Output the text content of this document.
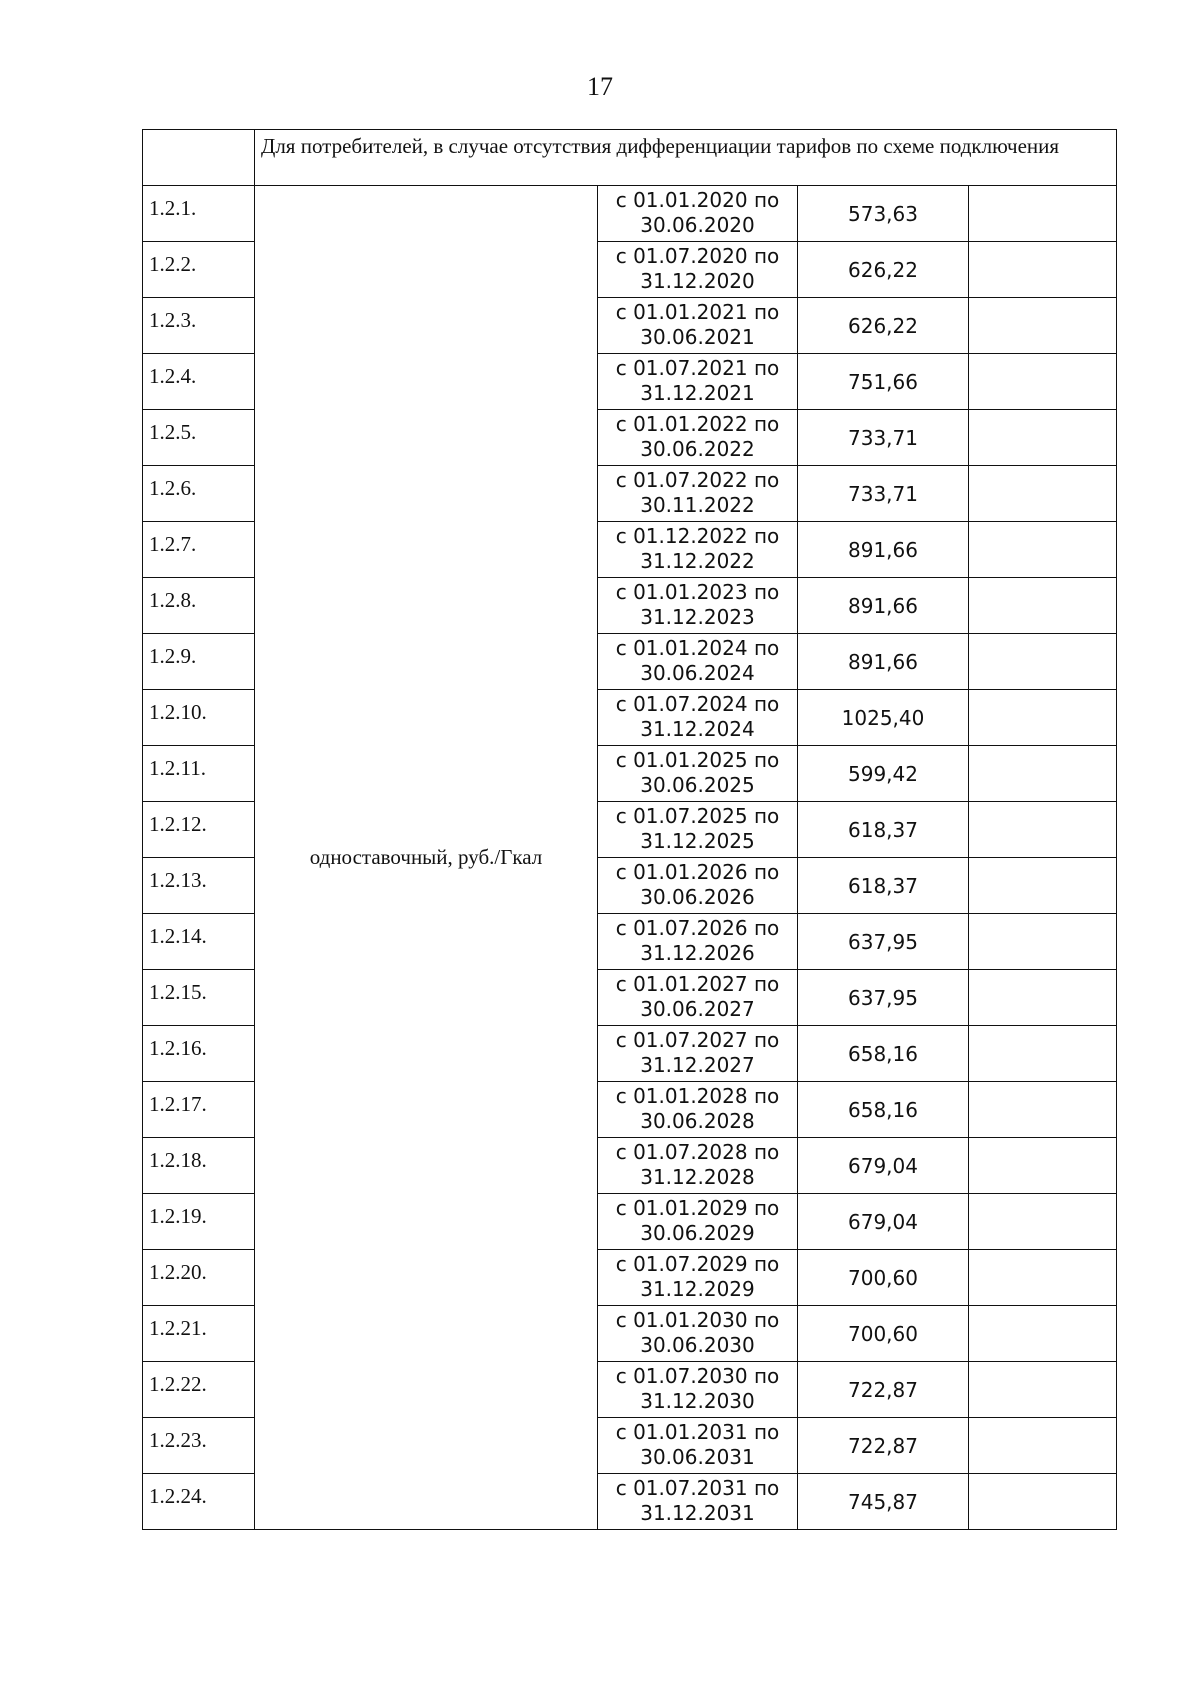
17

	Для потребителей, в случае отсутствия дифференциации тарифов по схеме подключения			

1.2.1.	одноставочный, руб./Гкал	с 01.01.2020 по
30.06.2020	573,63	

1.2.2.		с 01.07.2020 по
31.12.2020	626,22	

1.2.3.		с 01.01.2021 по
30.06.2021	626,22	

1.2.4.		с 01.07.2021 по
31.12.2021	751,66	

1.2.5.		с 01.01.2022 по
30.06.2022	733,71	

1.2.6.		с 01.07.2022 по
30.11.2022	733,71	

1.2.7.		с 01.12.2022 по
31.12.2022	891,66	

1.2.8.		с 01.01.2023 по
31.12.2023	891,66	

1.2.9.		с 01.01.2024 по
30.06.2024	891,66	

1.2.10.		с 01.07.2024 по
31.12.2024	1025,40	

1.2.11.		с 01.01.2025 по
30.06.2025	599,42	

1.2.12.		с 01.07.2025 по
31.12.2025	618,37	

1.2.13.		с 01.01.2026 по
30.06.2026	618,37	

1.2.14.		с 01.07.2026 по
31.12.2026	637,95	

1.2.15.		с 01.01.2027 по
30.06.2027	637,95	

1.2.16.		с 01.07.2027 по
31.12.2027	658,16	

1.2.17.		с 01.01.2028 по
30.06.2028	658,16	

1.2.18.		с 01.07.2028 по
31.12.2028	679,04	

1.2.19.		с 01.01.2029 по
30.06.2029	679,04	

1.2.20.		с 01.07.2029 по
31.12.2029	700,60	

1.2.21.		с 01.01.2030 по
30.06.2030	700,60	

1.2.22.		с 01.07.2030 по
31.12.2030	722,87	

1.2.23.		с 01.01.2031 по
30.06.2031	722,87	

1.2.24.		с 01.07.2031 по
31.12.2031	745,87	
